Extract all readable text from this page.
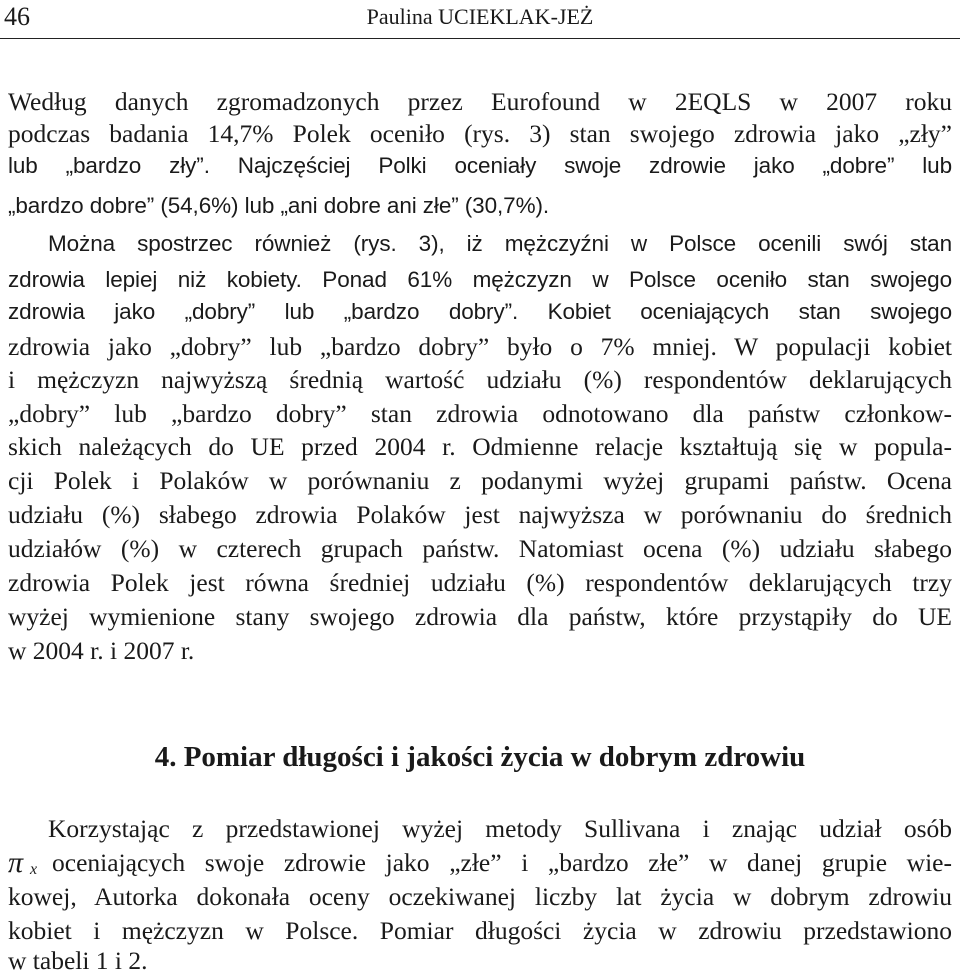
46	Paulina UCIEKLAK-JEŻ
Według danych zgromadzonych przez Eurofound w 2EQLS w 2007 roku
podczas badania 14,7% Polek oceniło (rys. 3) stan swojego zdrowia jako „zły”
lub „bardzo zły”. Najczęściej Polki oceniały swoje zdrowie jako „dobre” lub
„bardzo dobre” (54,6%) lub „ani dobre ani złe” (30,7%).
Można spostrzec również (rys. 3), iż mężczyźni w Polsce ocenili swój stan
zdrowia lepiej niż kobiety. Ponad 61% mężczyzn w Polsce oceniło stan swojego
zdrowia jako „dobry” lub „bardzo dobry”. Kobiet oceniających stan swojego
zdrowia jako „dobry” lub „bardzo dobry” było o 7% mniej. W populacji kobiet
i mężczyzn najwyższą średnią wartość udziału (%) respondentów deklarujących
„dobry” lub „bardzo dobry” stan zdrowia odnotowano dla państw członkow-
skich należących do UE przed 2004 r. Odmienne relacje kształtują się w popula-
cji Polek i Polaków w porównaniu z podanymi wyżej grupami państw. Ocena
udziału (%) słabego zdrowia Polaków jest najwyższa w porównaniu do średnich
udziałów (%) w czterech grupach państw. Natomiast ocena (%) udziału słabego
zdrowia Polek jest równa średniej udziału (%) respondentów deklarujących trzy
wyżej wymienione stany swojego zdrowia dla państw, które przystąpiły do UE
w 2004 r. i 2007 r.
4. Pomiar długości i jakości życia w dobrym zdrowiu
Korzystając z przedstawionej wyżej metody Sullivana i znając udział osób
π x oceniających swoje zdrowie jako „złe” i „bardzo złe” w danej grupie wie-
kowej, Autorka dokonała oceny oczekiwanej liczby lat życia w dobrym zdrowiu
kobiet i mężczyzn w Polsce. Pomiar długości życia w zdrowiu przedstawiono
w tabeli 1 i 2.
